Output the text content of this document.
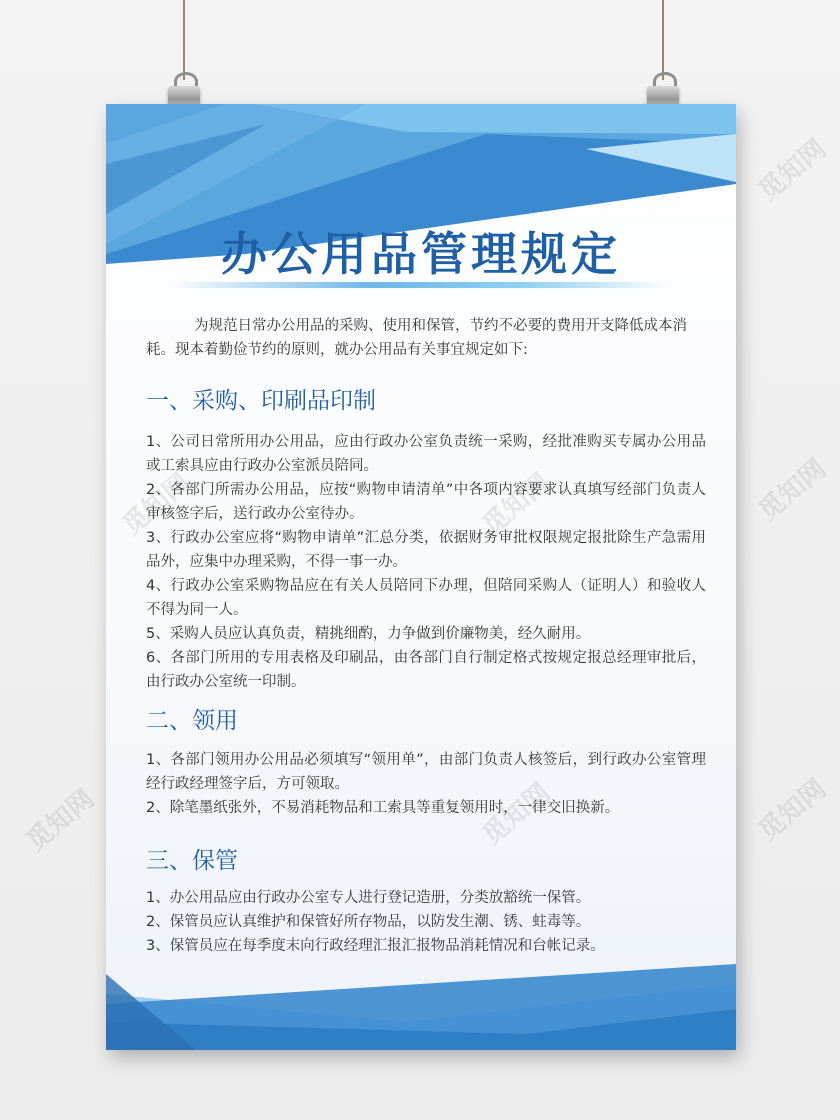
觅知网
觅知网
觅知网
觅知网
觅知网	觅知网
觅知网
办公用品管理规定
为规范日常办公用品的采购、使用和保管，节约不必要的费用开支降低成本消耗。现本着勤俭节约的原则，就办公用品有关事宜规定如下:
一、采购、印刷品印制
1、公司日常所用办公用品，应由行政办公室负责统一采购，经批准购买专属办公用品或工索具应由行政办公室派员陪同。
2、各部门所需办公用品，应按“购物申请清单”中各项内容要求认真填写经部门负责人审核签字后，送行政办公室待办。
3、行政办公室应将“购物申请单”汇总分类，依据财务审批权限规定报批除生产急需用品外，应集中办理采购，不得一事一办。
4、行政办公室采购物品应在有关人员陪同下办理，但陪同采购人（证明人）和验收人不得为同一人。
5、采购人员应认真负责，精挑细酌，力争做到价廉物美，经久耐用。
6、各部门所用的专用表格及印刷品，由各部门自行制定格式按规定报总经理审批后，由行政办公室统一印制。
二、领用
1、各部门领用办公用品必须填写“领用单”，由部门负责人核签后，到行政办公室管理经行政经理签字后，方可领取。
2、除笔墨纸张外，不易消耗物品和工索具等重复领用时，一律交旧换新。
三、保管
1、办公用品应由行政办公室专人进行登记造册，分类放豁统一保管。
2、保管员应认真维护和保管好所存物品，以防发生潮、锈、蛀毒等。
3、保管员应在每季度末向行政经理汇报汇报物品消耗情况和台帐记录。
